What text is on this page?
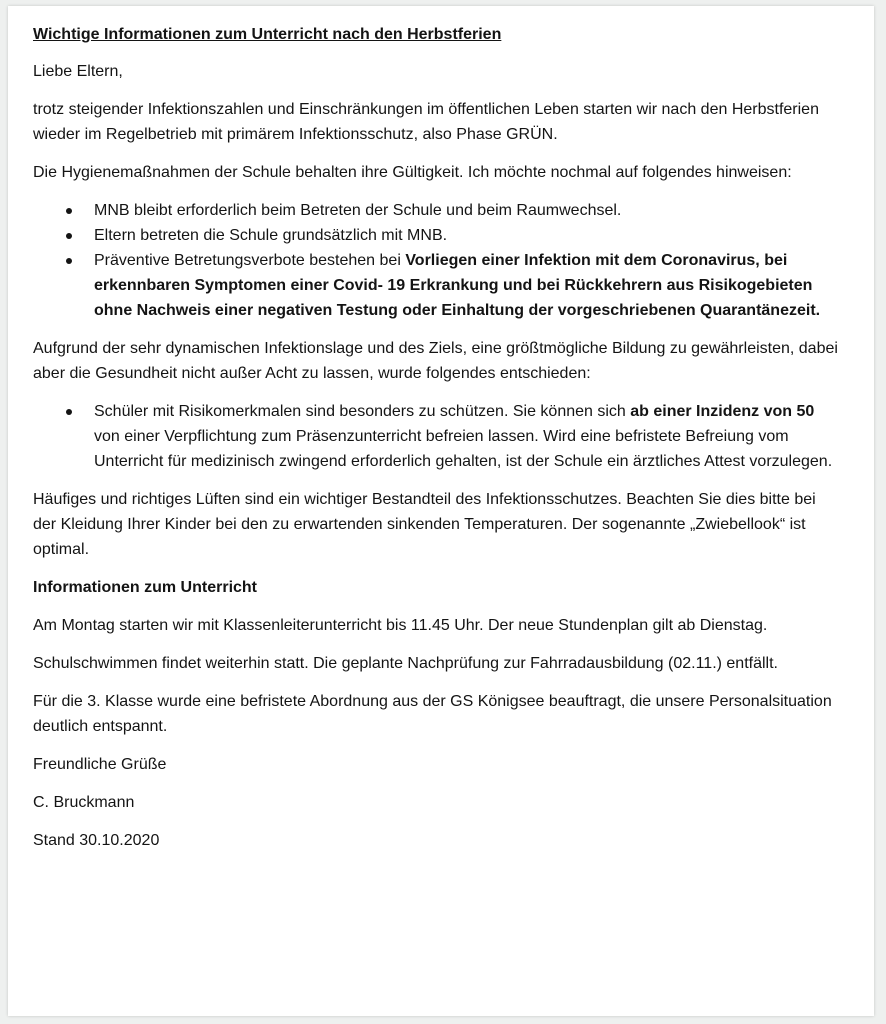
Wichtige Informationen zum Unterricht nach den Herbstferien

Liebe Eltern,

trotz steigender Infektionszahlen und Einschränkungen im öffentlichen Leben starten wir nach den Herbstferien wieder im Regelbetrieb mit primärem Infektionsschutz, also Phase GRÜN.

Die Hygienemaßnahmen der Schule behalten ihre Gültigkeit. Ich möchte nochmal auf folgendes hinweisen:

MNB bleibt erforderlich beim Betreten der Schule und beim Raumwechsel.
Eltern betreten die Schule grundsätzlich mit MNB.
Präventive Betretungsverbote bestehen bei Vorliegen einer Infektion mit dem Coronavirus, bei erkennbaren Symptomen einer Covid- 19 Erkrankung und bei Rückkehrern aus Risikogebieten ohne Nachweis einer negativen Testung oder Einhaltung der vorgeschriebenen Quarantänezeit.

Aufgrund der sehr dynamischen Infektionslage und des Ziels, eine größtmögliche Bildung zu gewährleisten, dabei aber die Gesundheit nicht außer Acht zu lassen, wurde folgendes entschieden:

Schüler mit Risikomerkmalen sind besonders zu schützen. Sie können sich ab einer Inzidenz von 50 von einer Verpflichtung zum Präsenzunterricht befreien lassen. Wird eine befristete Befreiung vom Unterricht für medizinisch zwingend erforderlich gehalten, ist der Schule ein ärztliches Attest vorzulegen.

Häufiges und richtiges Lüften sind ein wichtiger Bestandteil des Infektionsschutzes. Beachten Sie dies bitte bei der Kleidung Ihrer Kinder bei den zu erwartenden sinkenden Temperaturen. Der sogenannte „Zwiebellook“ ist optimal.

Informationen zum Unterricht

Am Montag starten wir mit Klassenleiterunterricht bis 11.45 Uhr. Der neue Stundenplan gilt ab Dienstag.

Schulschwimmen findet weiterhin statt. Die geplante Nachprüfung zur Fahrradausbildung (02.11.) entfällt.

Für die 3. Klasse wurde eine befristete Abordnung aus der GS Königsee beauftragt, die unsere Personalsituation deutlich entspannt.

Freundliche Grüße

C. Bruckmann

Stand 30.10.2020
